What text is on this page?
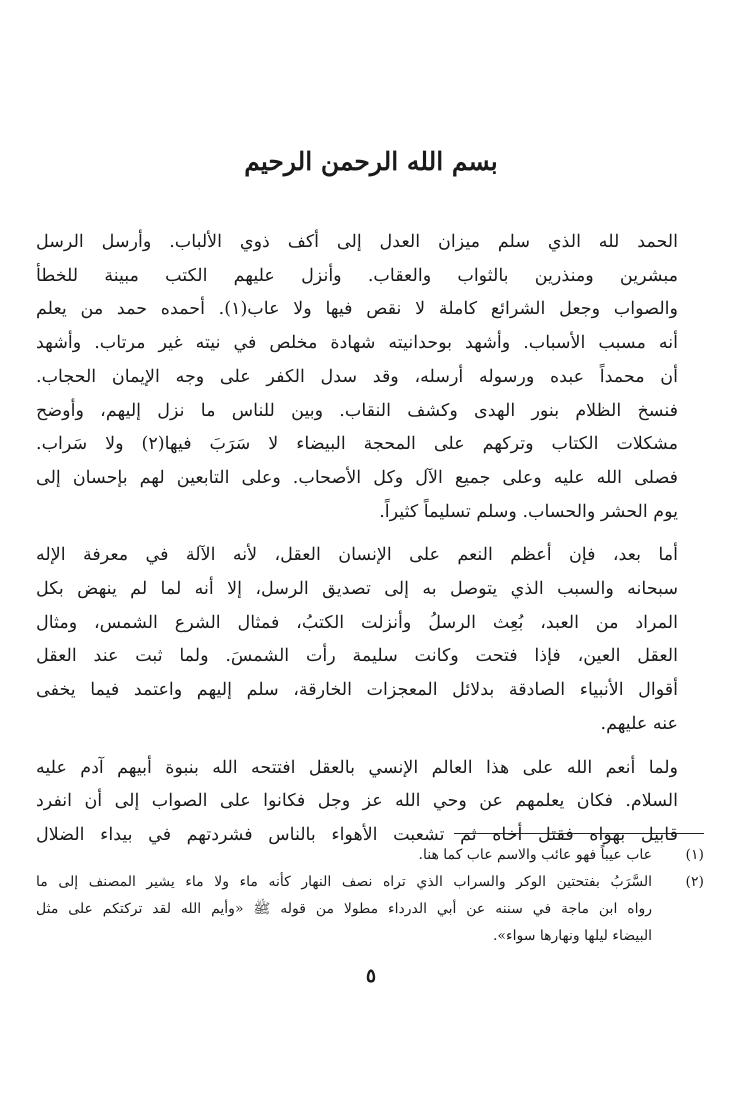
بسم الله الرحمن الرحيم

الحمد لله الذي سلم ميزان العدل إلى أكف ذوي الألباب. وأرسل الرسل
مبشرين ومنذرين بالثواب والعقاب. وأنزل عليهم الكتب مبينة للخطأ
والصواب وجعل الشرائع كاملة لا نقص فيها ولا عاب(١). أحمده حمد من يعلم
أنه مسبب الأسباب. وأشهد بوحدانيته شهادة مخلص في نيته غير مرتاب. وأشهد
أن محمداً عبده ورسوله أرسله، وقد سدل الكفر على وجه الإيمان الحجاب.
فنسخ الظلام بنور الهدى وكشف النقاب. وبين للناس ما نزل إليهم، وأوضح
مشكلات الكتاب وتركهم على المحجة البيضاء لا سَرَبَ فيها(٢) ولا سَراب.
فصلى الله عليه وعلى جميع الآل وكل الأصحاب. وعلى التابعين لهم بإحسان إلى
يوم الحشر والحساب. وسلم تسليماً كثيراً.

أما بعد، فإن أعظم النعم على الإنسان العقل، لأنه الآلة في معرفة الإله
سبحانه والسبب الذي يتوصل به إلى تصديق الرسل، إلا أنه لما لم ينهض بكل
المراد من العبد، بُعِث الرسلُ وأنزلت الكتبُ، فمثال الشرع الشمس، ومثال
العقل العين، فإذا فتحت وكانت سليمة رأت الشمسَ. ولما ثبت عند العقل
أقوال الأنبياء الصادقة بدلائل المعجزات الخارقة، سلم إليهم واعتمد فيما يخفى
عنه عليهم.

ولما أنعم الله على هذا العالم الإنسي بالعقل افتتحه الله بنبوة أبيهم آدم عليه
السلام. فكان يعلمهم عن وحي الله عز وجل فكانوا على الصواب إلى أن انفرد
قابيل بهواه فقتل أخاه ثم تشعبت الأهواء بالناس فشردتهم في بيداء الضلال

(١)
عاب عيباً فهو عائب والاسم عاب كما هنا.
(٢)
السَّرَبُ بفتحتين الوكر والسراب الذي تراه نصف النهار كأنه ماء ولا ماء يشير المصنف إلى ما
رواه ابن ماجة في سننه عن أبي الدرداء مطولا من قوله ﷺ «وأيم الله لقد تركتكم على مثل
البيضاء ليلها ونهارها سواء».
٥
